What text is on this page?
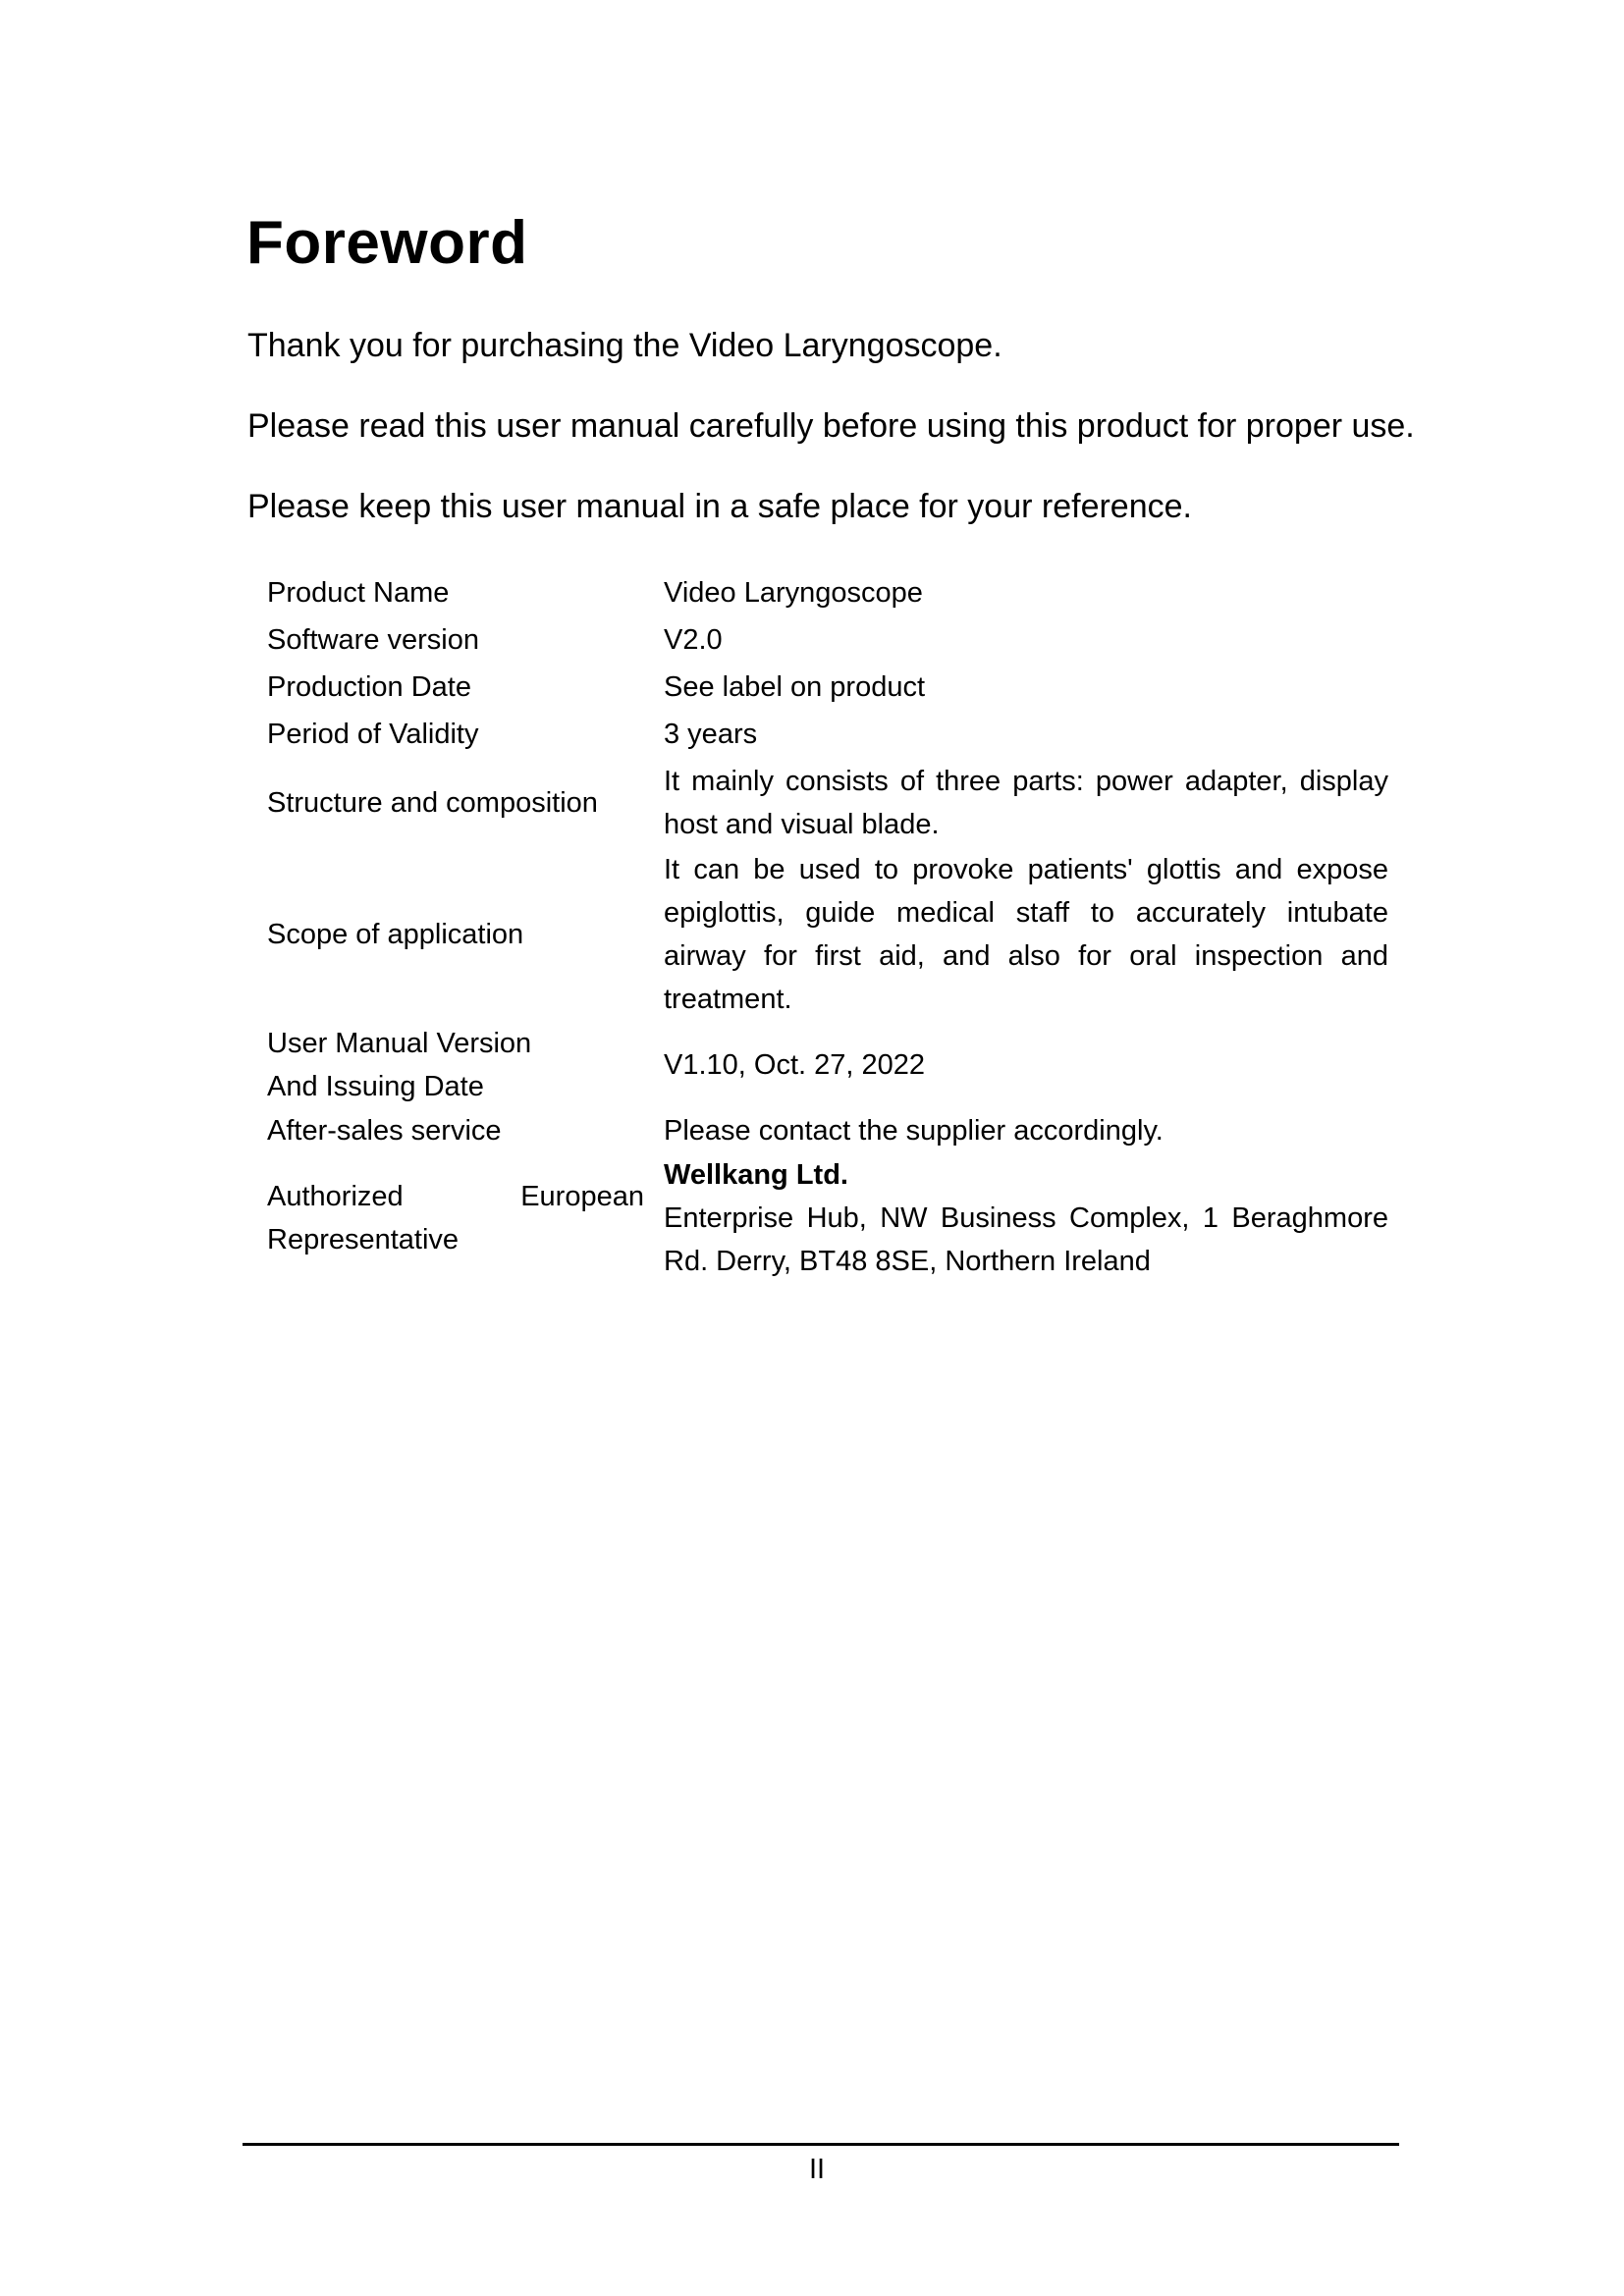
Foreword

Thank you for purchasing the Video Laryngoscope.

Please read this user manual carefully before using this product for proper use.

Please keep this user manual in a safe place for your reference.

Product Name	Video Laryngoscope
Software version	V2.0
Production Date	See label on product
Period of Validity	3 years
Structure and composition	It mainly consists of three parts: power adapter, display host and visual blade.
Scope of application	It can be used to provoke patients' glottis and expose epiglottis, guide medical staff to accurately intubate airway for first aid, and also for oral inspection and treatment.

User Manual Version
And Issuing Date	V1.10, Oct. 27, 2022
After-sales service	Please contact the supplier accordingly.

Authorized European
Representative	Wellkang Ltd.
Enterprise Hub, NW Business Complex, 1 Beraghmore Rd. Derry, BT48 8SE, Northern Ireland
II
